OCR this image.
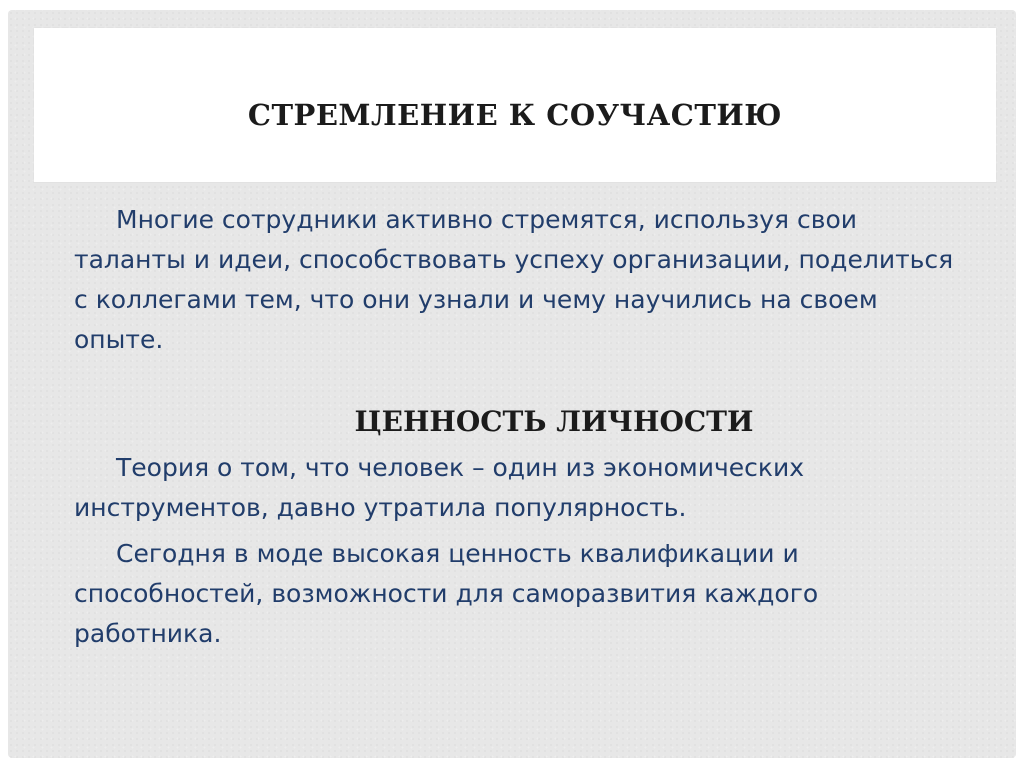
СТРЕМЛЕНИЕ К СОУЧАСТИЮ

Многие сотрудники активно стремятся, используя свои таланты и идеи, способствовать успеху организации, поделиться с коллегами тем, что они узнали и чему научились на своем опыте.

ЦЕННОСТЬ ЛИЧНОСТИ

Теория о том, что человек – один из экономических инструментов, давно утратила популярность.

Сегодня в моде высокая ценность квалификации и способностей, возможности для саморазвития каждого работника.
